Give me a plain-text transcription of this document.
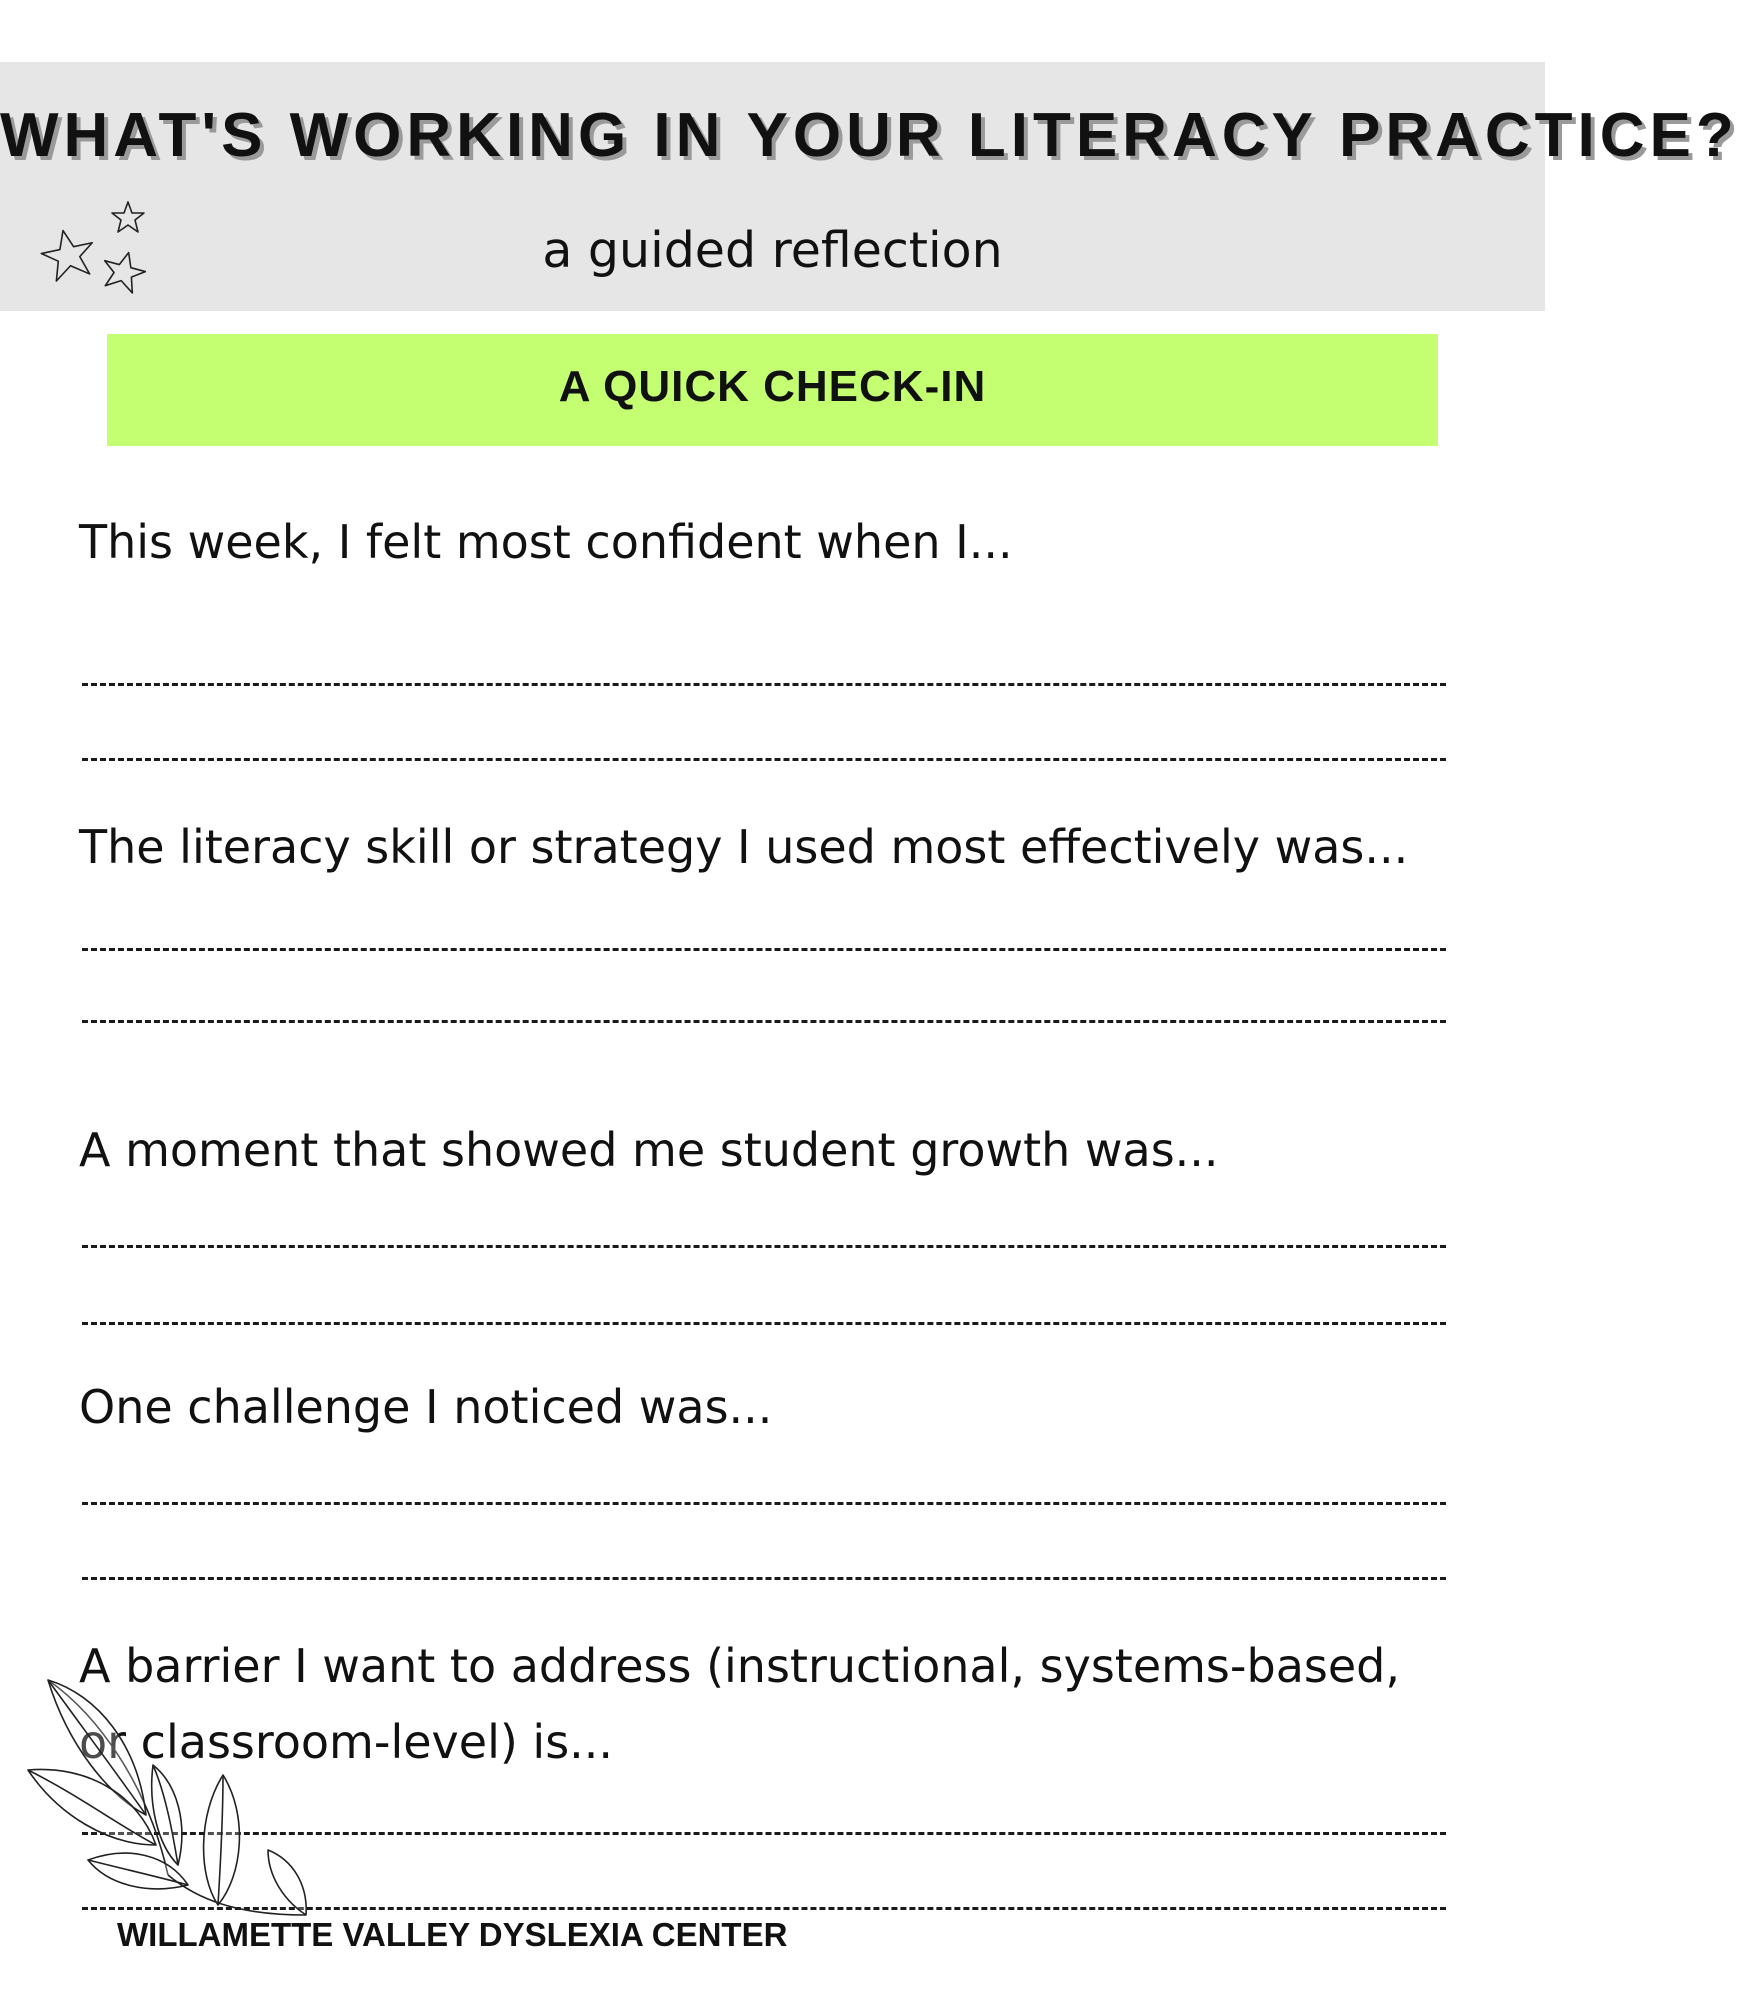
WHAT'S WORKING IN YOUR LITERACY PRACTICE?
a guided reflection
A QUICK CHECK-IN
This week, I felt most confident when I...
The literacy skill or strategy I used most effectively was...
A moment that showed me student growth was...
One challenge I noticed was...
A barrier I want to address (instructional, systems-based, or classroom-level) is...
WILLAMETTE VALLEY DYSLEXIA CENTER
